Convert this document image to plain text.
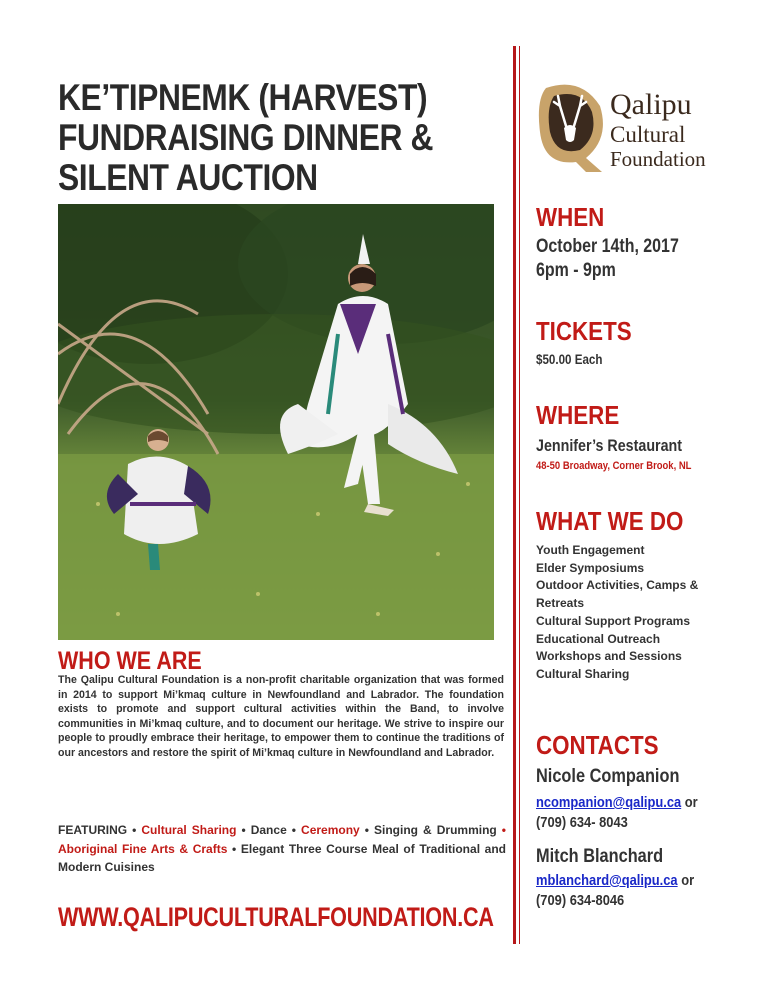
KE’TIPNEMK (HARVEST)
FUNDRAISING DINNER &
SILENT AUCTION
WHO WE ARE
The Qalipu Cultural Foundation is a non-profit charitable organization that was formed in 2014 to support Mi’kmaq culture in Newfoundland and Labrador. The foundation exists to promote and support cultural activities within the Band, to involve communities in Mi’kmaq culture, and to document our heritage. We strive to inspire our people to proudly embrace their heritage, to empower them to continue the traditions of our ancestors and restore the spirit of Mi’kmaq culture in Newfoundland and Labrador.
FEATURING • Cultural Sharing • Dance • Ceremony • Singing & Drumming • Aboriginal Fine Arts & Crafts • Elegant Three Course Meal of Traditional and Modern Cuisines
WWW.QALIPUCULTURALFOUNDATION.CA
Qalipu
Cultural
Foundation
WHEN
October 14th, 2017
6pm - 9pm
TICKETS
$50.00 Each
WHERE
Jennifer’s Restaurant
48-50 Broadway, Corner Brook, NL
WHAT WE DO
Youth Engagement
Elder Symposiums
Outdoor Activities, Camps &
Retreats
Cultural Support Programs
Educational Outreach
Workshops and Sessions
Cultural Sharing
CONTACTS
Nicole Companion
ncompanion@qalipu.ca or
(709) 634- 8043
Mitch Blanchard
mblanchard@qalipu.ca or
(709) 634-8046
